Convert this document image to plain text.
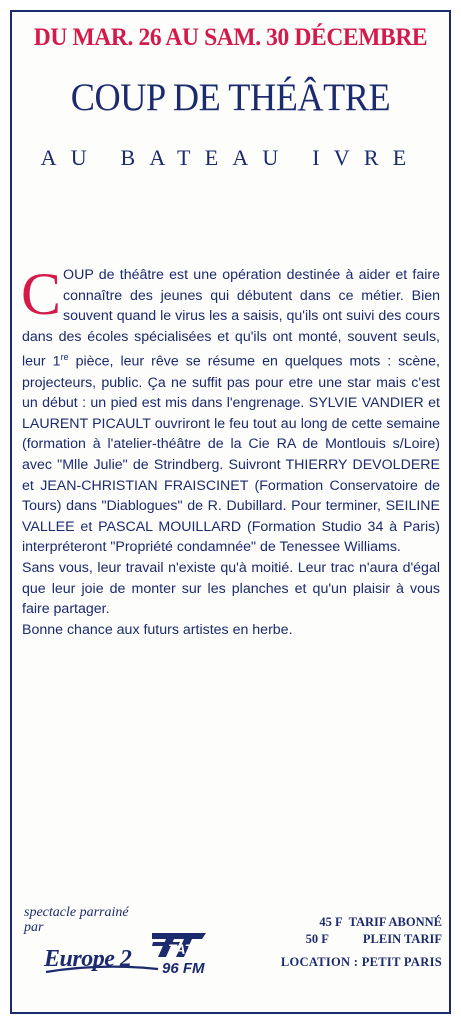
DU MAR. 26 AU SAM. 30 DÉCEMBRE
COUP DE THÉÂTRE
AU BATEAU IVRE

COUP de théâtre est une opération destinée à aider et faire connaître des jeunes qui débutent dans ce métier. Bien souvent quand le virus les a saisis, qu'ils ont suivi des cours dans des écoles spécialisées et qu'ils ont monté, souvent seuls, leur 1re pièce, leur rêve se résume en quelques mots : scène, projecteurs, public. Ça ne suffit pas pour etre une star mais c'est un début : un pied est mis dans l'engrenage. SYLVIE VANDIER et LAURENT PICAULT ouvriront le feu tout au long de cette semaine (formation à l'atelier-théâtre de la Cie RA de Montlouis s/Loire) avec "Mlle Julie" de Strindberg. Suivront THIERRY DEVOLDERE et JEAN-CHRISTIAN FRAISCINET (Formation Conservatoire de Tours) dans "Diablogues" de R. Dubillard. Pour terminer, SEILINE VALLEE et PASCAL MOUILLARD (Formation Studio 34 à Paris) interpréteront "Propriété condamnée" de Tenessee Williams.

Sans vous, leur travail n'existe qu'à moitié. Leur trac n'aura d'égal que leur joie de monter sur les planches et qu'un plaisir à vous faire partager.

Bonne chance aux futurs artistes en herbe.

spectacle parrainé
par
TAT
Europe 2 96 FM
45 F TARIF ABONNÉ
50 F	PLEIN TARIF
LOCATION : PETIT PARIS
